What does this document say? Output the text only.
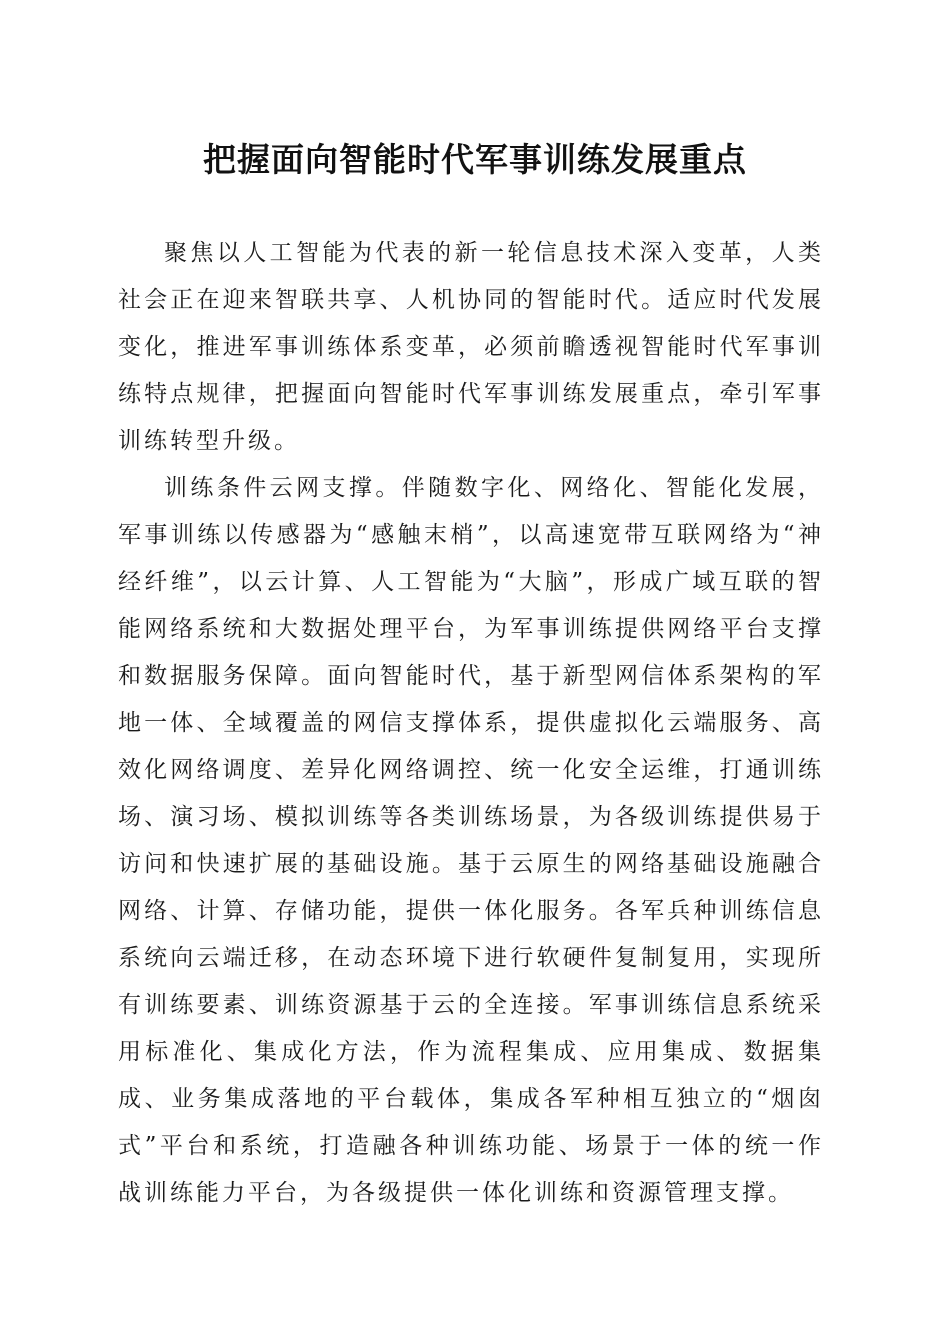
把握面向智能时代军事训练发展重点

聚焦以人工智能为代表的新一轮信息技术深入变革，人类社会正在迎来智联共享、人机协同的智能时代。适应时代发展变化，推进军事训练体系变革，必须前瞻透视智能时代军事训练特点规律，把握面向智能时代军事训练发展重点，牵引军事训练转型升级。

训练条件云网支撑。伴随数字化、网络化、智能化发展，军事训练以传感器为“感触末梢”，以高速宽带互联网络为“神经纤维”，以云计算、人工智能为“大脑”，形成广域互联的智能网络系统和大数据处理平台，为军事训练提供网络平台支撑和数据服务保障。面向智能时代，基于新型网信体系架构的军地一体、全域覆盖的网信支撑体系，提供虚拟化云端服务、高效化网络调度、差异化网络调控、统一化安全运维，打通训练场、演习场、模拟训练等各类训练场景，为各级训练提供易于访问和快速扩展的基础设施。基于云原生的网络基础设施融合网络、计算、存储功能，提供一体化服务。各军兵种训练信息系统向云端迁移，在动态环境下进行软硬件复制复用，实现所有训练要素、训练资源基于云的全连接。军事训练信息系统采用标准化、集成化方法，作为流程集成、应用集成、数据集成、业务集成落地的平台载体，集成各军种相互独立的“烟囱式”平台和系统，打造融各种训练功能、场景于一体的统一作战训练能力平台，为各级提供一体化训练和资源管理支撑。
